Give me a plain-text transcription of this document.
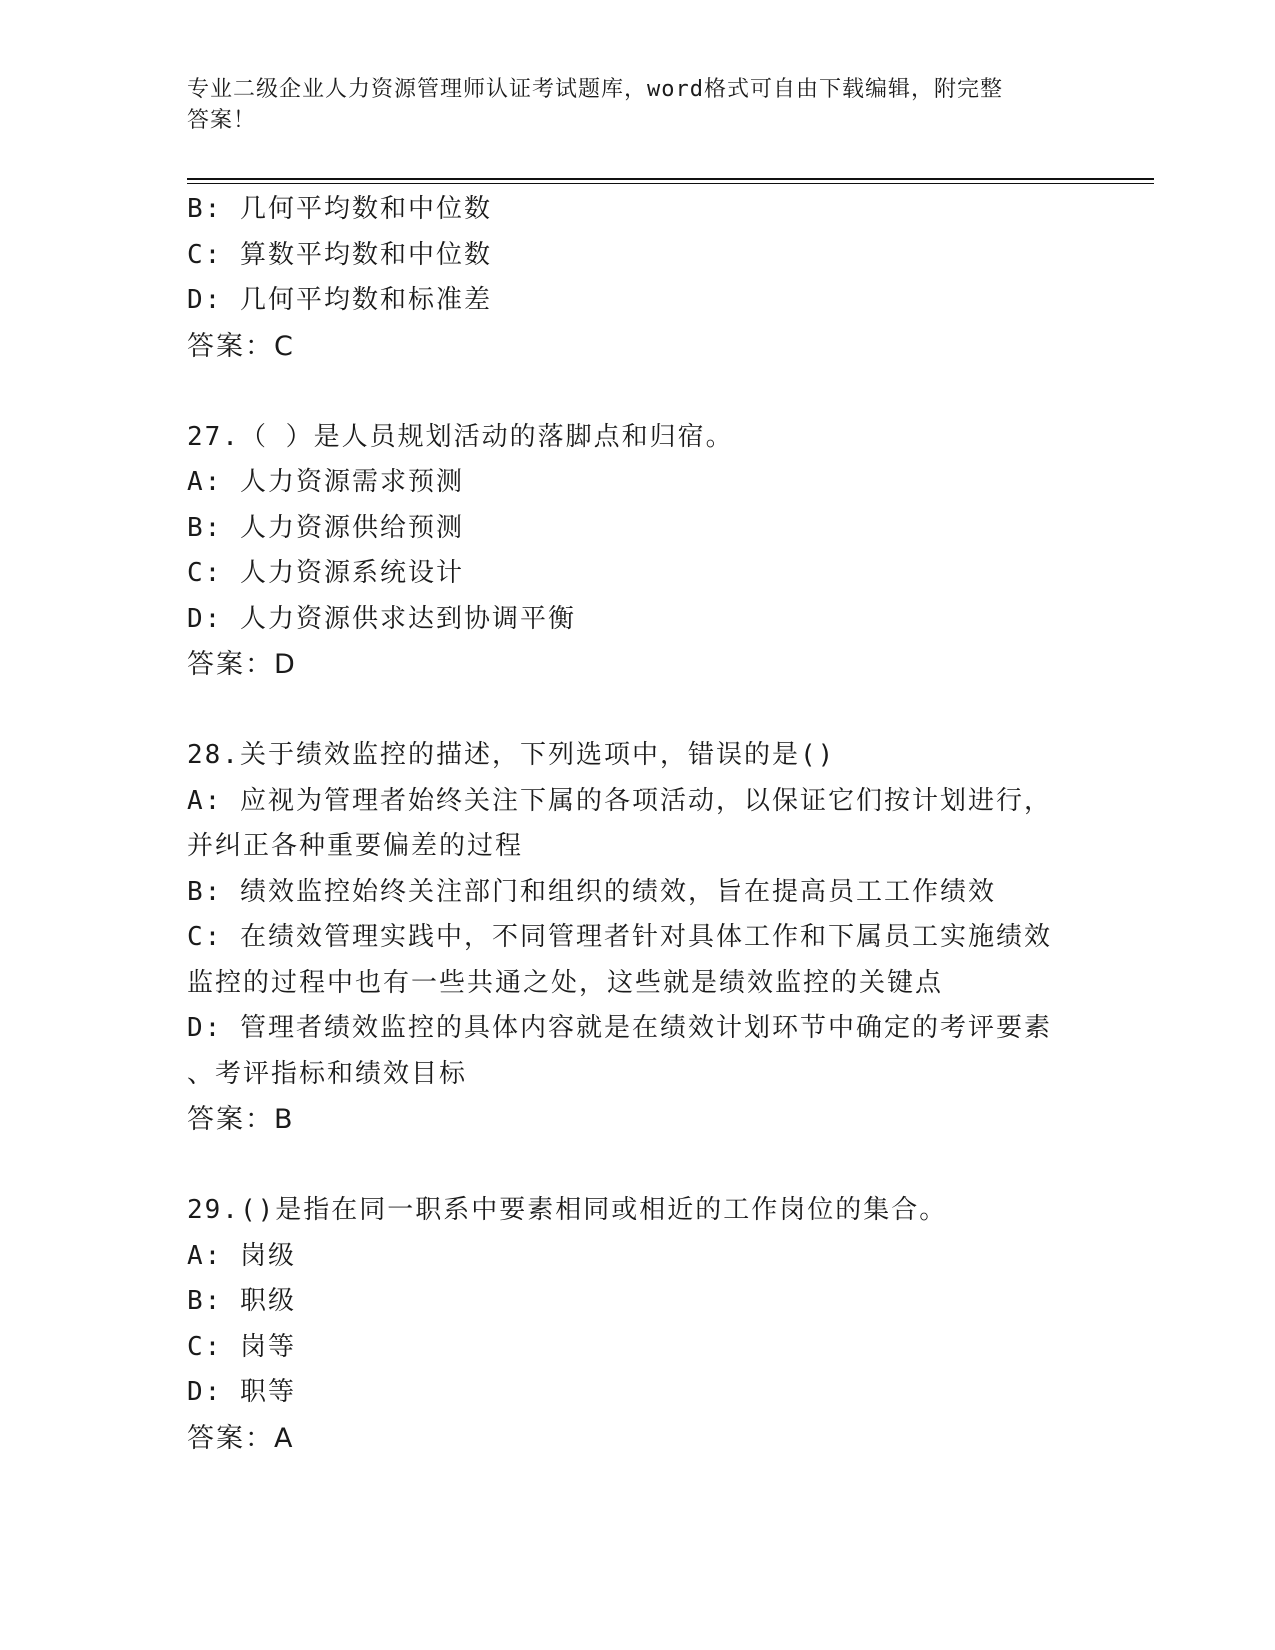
专业二级企业人力资源管理师认证考试题库，word格式可自由下载编辑，附完整
答案！
B: 几何平均数和中位数
C: 算数平均数和中位数
D: 几何平均数和标准差
答案：C
27.（ ）是人员规划活动的落脚点和归宿。
A: 人力资源需求预测
B: 人力资源供给预测
C: 人力资源系统设计
D: 人力资源供求达到协调平衡
答案：D
28.关于绩效监控的描述，下列选项中，错误的是()
A: 应视为管理者始终关注下属的各项活动，以保证它们按计划进行，
并纠正各种重要偏差的过程
B: 绩效监控始终关注部门和组织的绩效，旨在提高员工工作绩效
C: 在绩效管理实践中，不同管理者针对具体工作和下属员工实施绩效
监控的过程中也有一些共通之处，这些就是绩效监控的关键点
D: 管理者绩效监控的具体内容就是在绩效计划环节中确定的考评要素
、考评指标和绩效目标
答案：B
29.()是指在同一职系中要素相同或相近的工作岗位的集合。
A: 岗级
B: 职级
C: 岗等
D: 职等
答案：A
